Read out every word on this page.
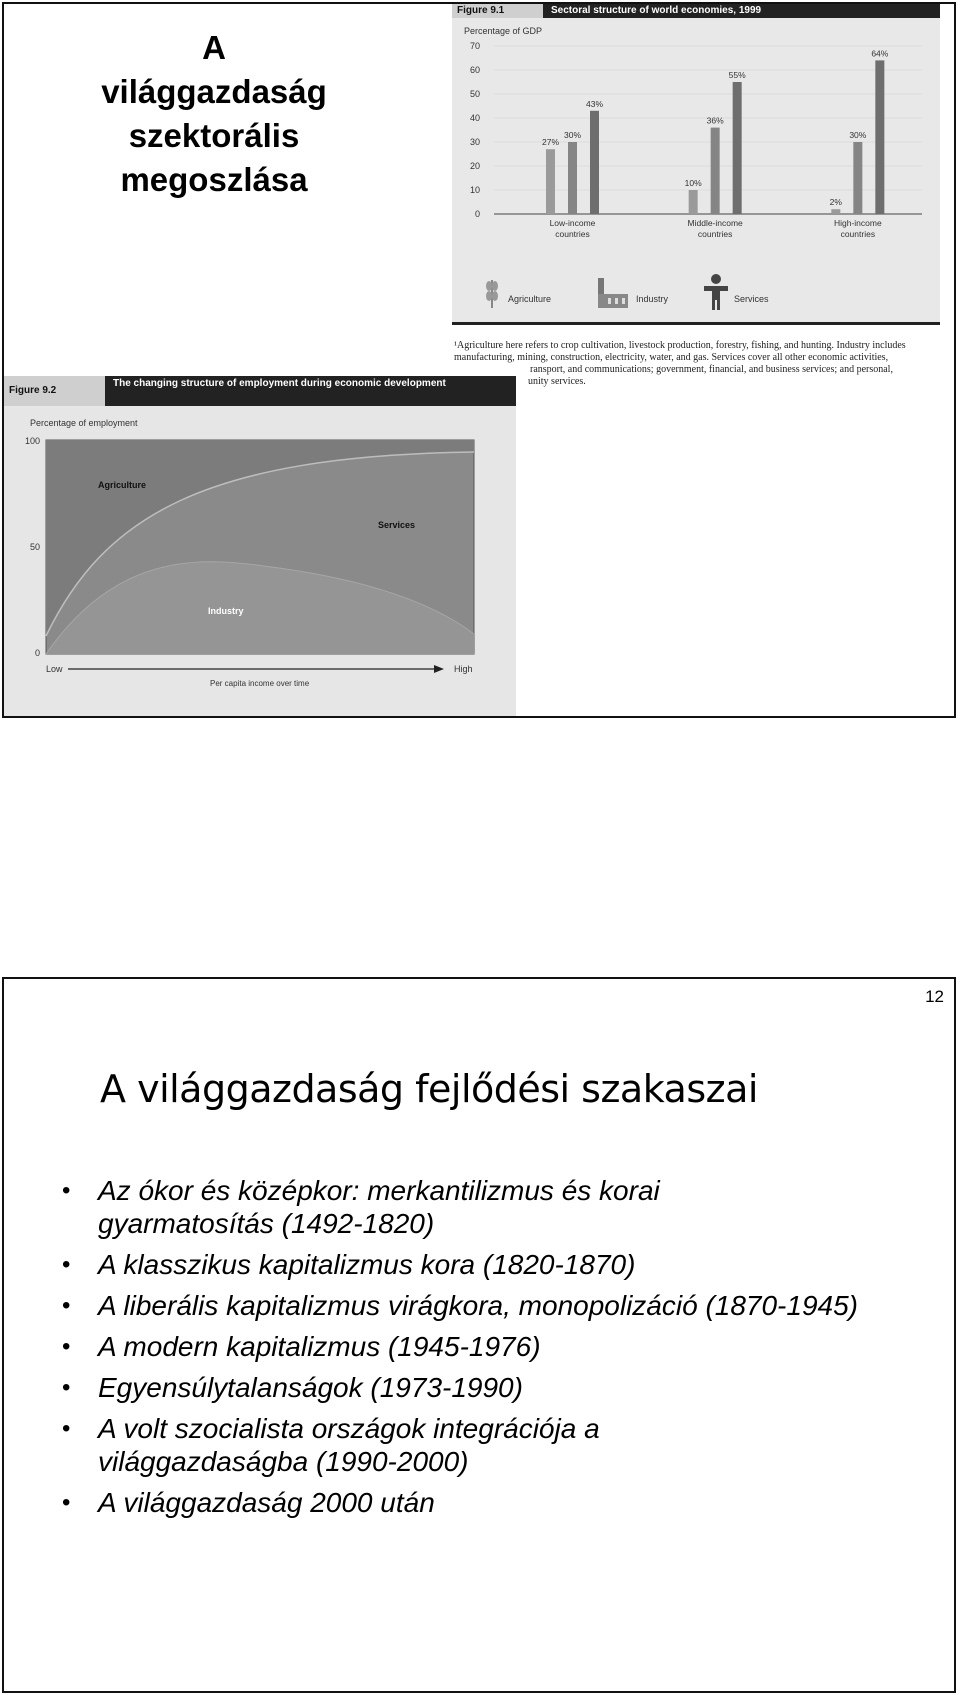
A
világgazdaság
szektorális
megoszlása
Figure 9.1	Sectoral structure of world economies, 1999
Percentage of GDP
0
10
20
30
40
50
60
70
27%
30%
43%
10%
36%
55%
2%
30%
64%
Low-income
countries
Middle-income
countries
High-income
countries
Agriculture	Industry	Services
¹Agriculture here refers to crop cultivation, livestock production, forestry, fishing, and hunting. Industry includes
manufacturing, mining, construction, electricity, water, and gas. Services cover all other economic activities,
ransport, and communications; government, financial, and business services; and personal,
unity services.
Figure 9.2The changing structure of employment during economic development
Percentage of employment
100
50
0
Agriculture
Services
Industry
Low	High
Per capita income over time
12
A világgazdaság fejlődési szakaszai
• Az ókor és középkor: merkantilizmus és korai gyarmatosítás (1492-1820)
• A klasszikus kapitalizmus kora (1820-1870)
• A liberális kapitalizmus virágkora, monopolizáció (1870-1945)
• A modern kapitalizmus (1945-1976)
• Egyensúlytalanságok (1973-1990)
• A volt szocialista országok integrációja a világgazdaságba (1990-2000)
• A világgazdaság 2000 után
